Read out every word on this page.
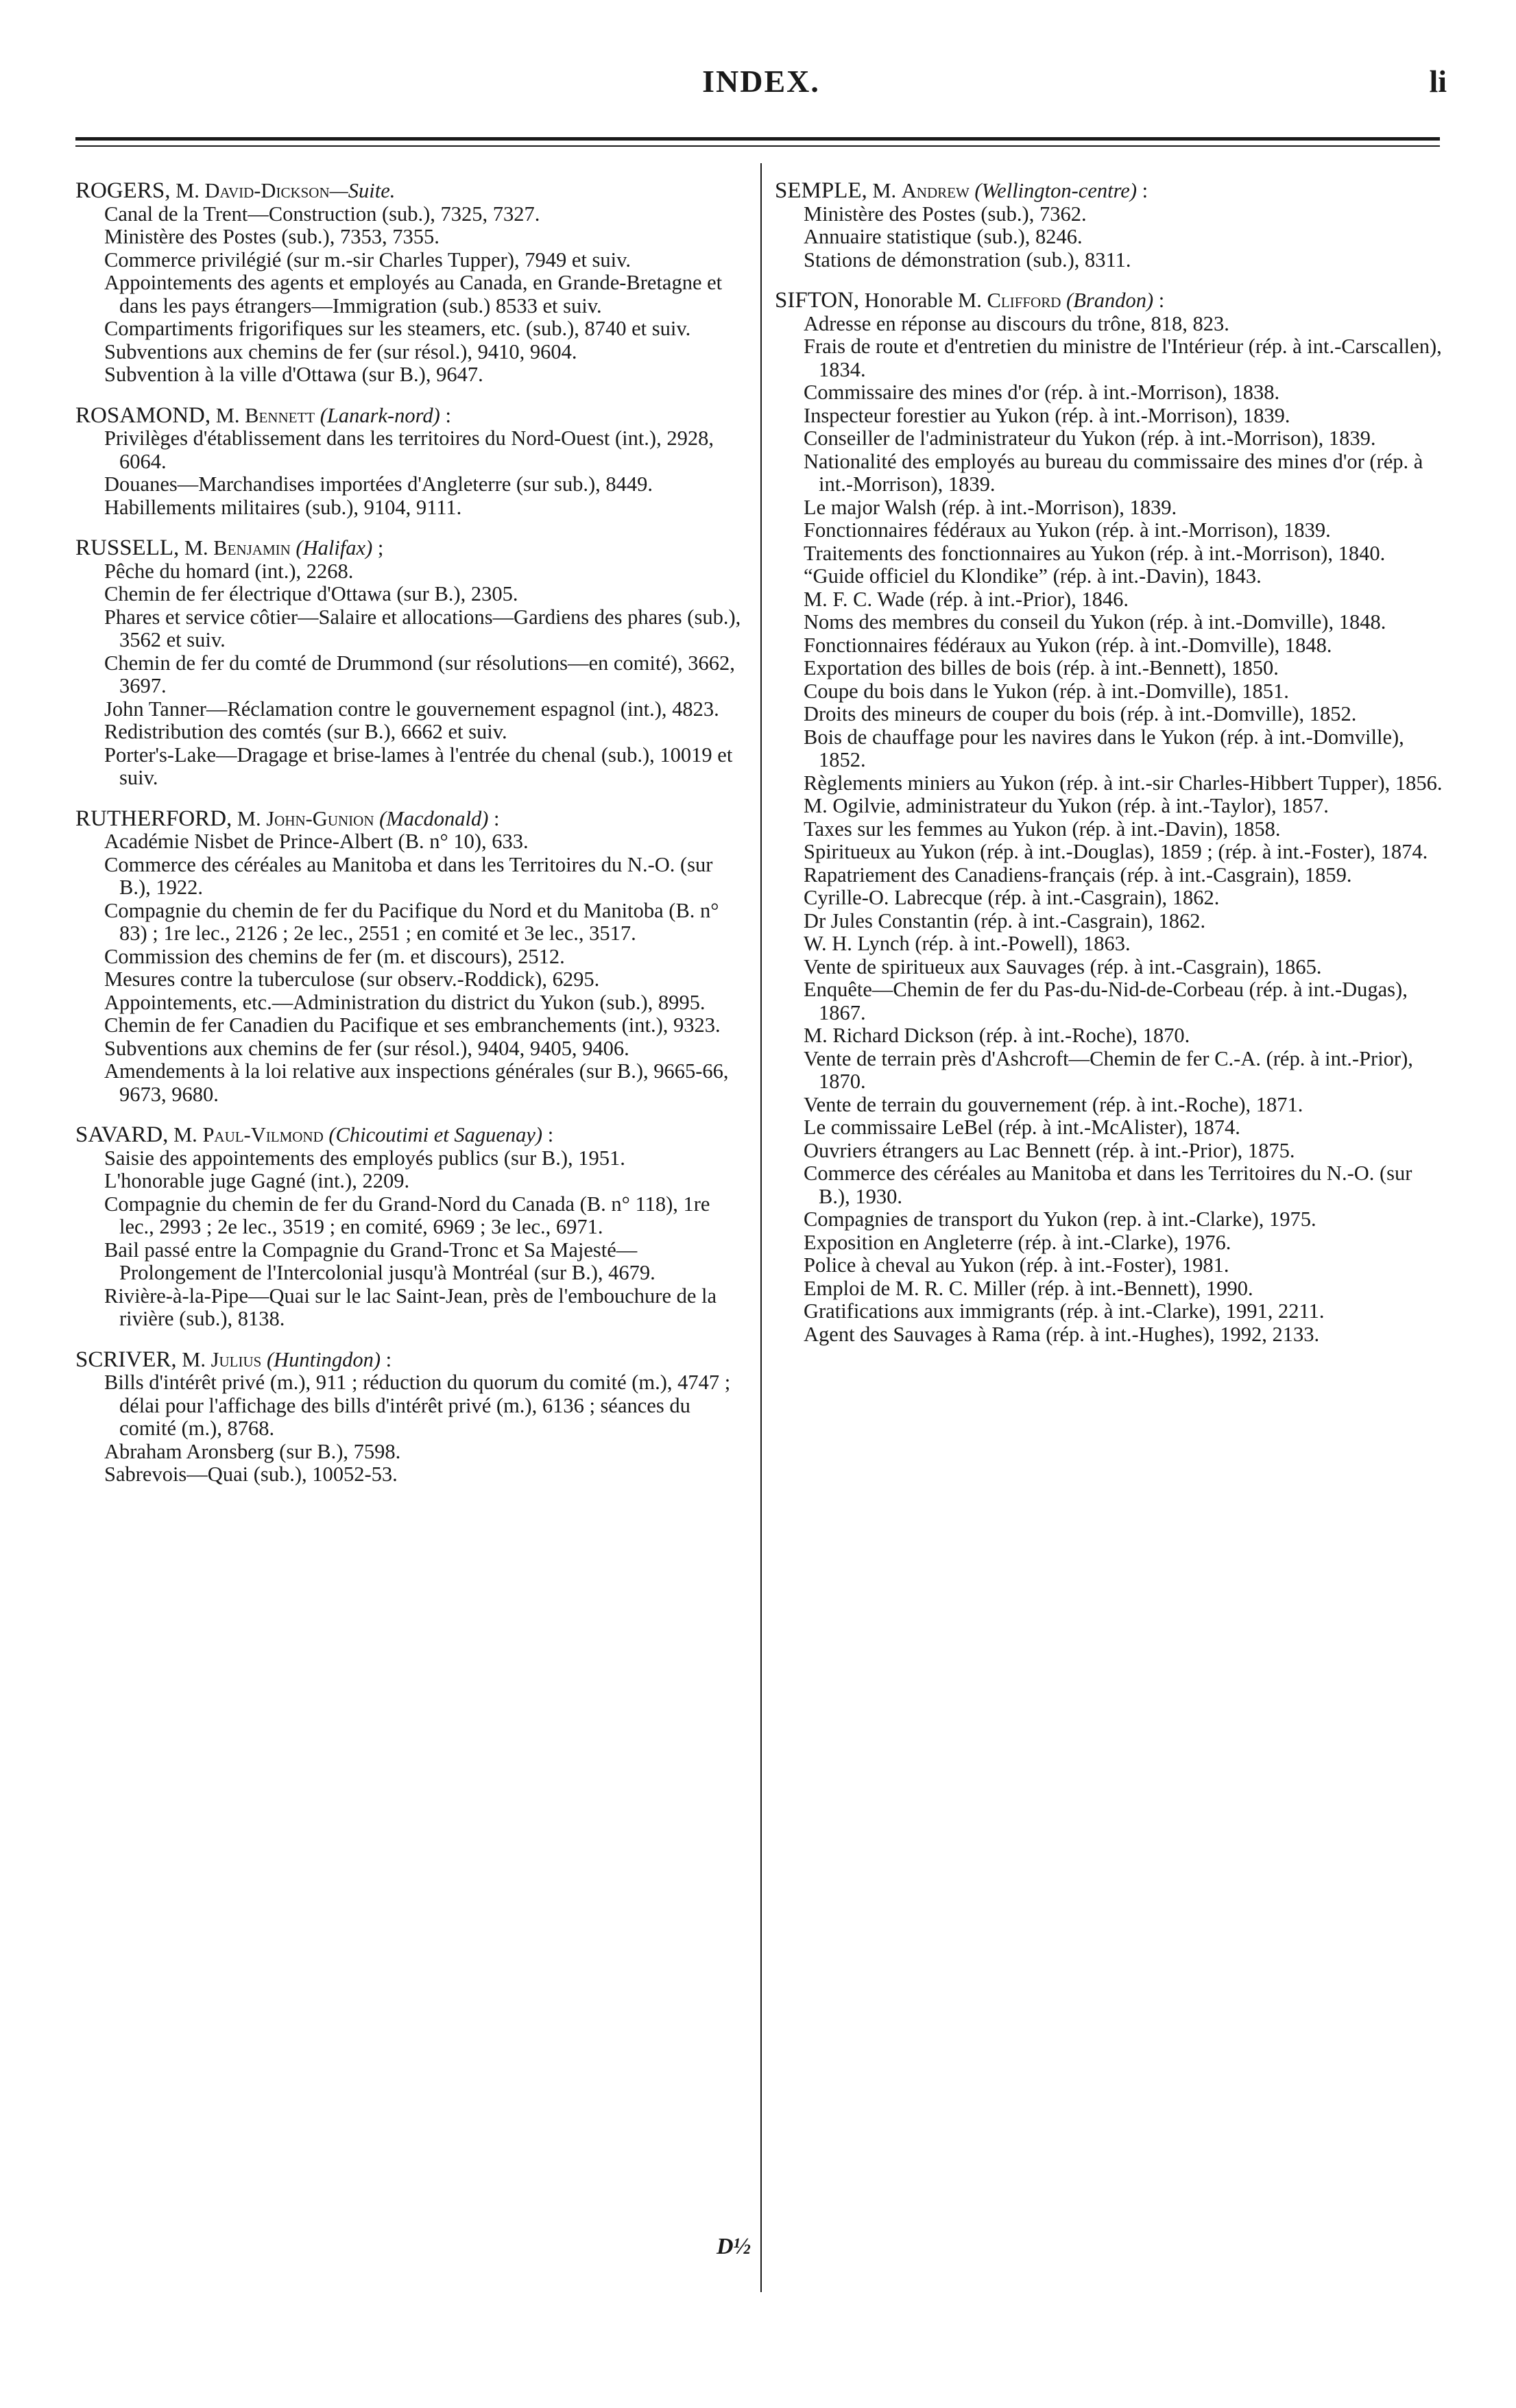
INDEX.	li
ROGERS, M. David-Dickson—Suite.
Canal de la Trent—Construction (sub.), 7325, 7327.
Ministère des Postes (sub.), 7353, 7355.
Commerce privilégié (sur m.-sir Charles Tupper), 7949 et suiv.
Appointements des agents et employés au Canada, en Grande-Bretagne et dans les pays étrangers—Immigration (sub.) 8533 et suiv.
Compartiments frigorifiques sur les steamers, etc. (sub.), 8740 et suiv.
Subventions aux chemins de fer (sur résol.), 9410, 9604.
Subvention à la ville d'Ottawa (sur B.), 9647.
ROSAMOND, M. Bennett (Lanark-nord) :
Privilèges d'établissement dans les territoires du Nord-Ouest (int.), 2928, 6064.
Douanes—Marchandises importées d'Angleterre (sur sub.), 8449.
Habillements militaires (sub.), 9104, 9111.
RUSSELL, M. Benjamin (Halifax) ;
Pêche du homard (int.), 2268.
Chemin de fer électrique d'Ottawa (sur B.), 2305.
Phares et service côtier—Salaire et allocations—Gardiens des phares (sub.), 3562 et suiv.
Chemin de fer du comté de Drummond (sur résolutions—en comité), 3662, 3697.
John Tanner—Réclamation contre le gouvernement espagnol (int.), 4823.
Redistribution des comtés (sur B.), 6662 et suiv.
Porter's-Lake—Dragage et brise-lames à l'entrée du chenal (sub.), 10019 et suiv.
RUTHERFORD, M. John-Gunion (Macdonald) :
Académie Nisbet de Prince-Albert (B. n° 10), 633.
Commerce des céréales au Manitoba et dans les Territoires du N.-O. (sur B.), 1922.
Compagnie du chemin de fer du Pacifique du Nord et du Manitoba (B. n° 83) ; 1re lec., 2126 ; 2e lec., 2551 ; en comité et 3e lec., 3517.
Commission des chemins de fer (m. et discours), 2512.
Mesures contre la tuberculose (sur observ.-Roddick), 6295.
Appointements, etc.—Administration du district du Yukon (sub.), 8995.
Chemin de fer Canadien du Pacifique et ses embranchements (int.), 9323.
Subventions aux chemins de fer (sur résol.), 9404, 9405, 9406.
Amendements à la loi relative aux inspections générales (sur B.), 9665-66, 9673, 9680.
SAVARD, M. Paul-Vilmond (Chicoutimi et Saguenay) :
Saisie des appointements des employés publics (sur B.), 1951.
L'honorable juge Gagné (int.), 2209.
Compagnie du chemin de fer du Grand-Nord du Canada (B. n° 118), 1re lec., 2993 ; 2e lec., 3519 ; en comité, 6969 ; 3e lec., 6971.
Bail passé entre la Compagnie du Grand-Tronc et Sa Majesté—Prolongement de l'Intercolonial jusqu'à Montréal (sur B.), 4679.
Rivière-à-la-Pipe—Quai sur le lac Saint-Jean, près de l'embouchure de la rivière (sub.), 8138.
SCRIVER, M. Julius (Huntingdon) :
Bills d'intérêt privé (m.), 911 ; réduction du quorum du comité (m.), 4747 ; délai pour l'affichage des bills d'intérêt privé (m.), 6136 ; séances du comité (m.), 8768.
Abraham Aronsberg (sur B.), 7598.
Sabrevois—Quai (sub.), 10052-53.
SEMPLE, M. Andrew (Wellington-centre) :
Ministère des Postes (sub.), 7362.
Annuaire statistique (sub.), 8246.
Stations de démonstration (sub.), 8311.
SIFTON, Honorable M. Clifford (Brandon) :
Adresse en réponse au discours du trône, 818, 823.
Frais de route et d'entretien du ministre de l'Intérieur (rép. à int.-Carscallen), 1834.
Commissaire des mines d'or (rép. à int.-Morrison), 1838.
Inspecteur forestier au Yukon (rép. à int.-Morrison), 1839.
Conseiller de l'administrateur du Yukon (rép. à int.-Morrison), 1839.
Nationalité des employés au bureau du commissaire des mines d'or (rép. à int.-Morrison), 1839.
Le major Walsh (rép. à int.-Morrison), 1839.
Fonctionnaires fédéraux au Yukon (rép. à int.-Morrison), 1839.
Traitements des fonctionnaires au Yukon (rép. à int.-Morrison), 1840.
“Guide officiel du Klondike” (rép. à int.-Davin), 1843.
M. F. C. Wade (rép. à int.-Prior), 1846.
Noms des membres du conseil du Yukon (rép. à int.-Domville), 1848.
Fonctionnaires fédéraux au Yukon (rép. à int.-Domville), 1848.
Exportation des billes de bois (rép. à int.-Bennett), 1850.
Coupe du bois dans le Yukon (rép. à int.-Domville), 1851.
Droits des mineurs de couper du bois (rép. à int.-Domville), 1852.
Bois de chauffage pour les navires dans le Yukon (rép. à int.-Domville), 1852.
Règlements miniers au Yukon (rép. à int.-sir Charles-Hibbert Tupper), 1856.
M. Ogilvie, administrateur du Yukon (rép. à int.-Taylor), 1857.
Taxes sur les femmes au Yukon (rép. à int.-Davin), 1858.
Spiritueux au Yukon (rép. à int.-Douglas), 1859 ; (rép. à int.-Foster), 1874.
Rapatriement des Canadiens-français (rép. à int.-Casgrain), 1859.
Cyrille-O. Labrecque (rép. à int.-Casgrain), 1862.
Dr Jules Constantin (rép. à int.-Casgrain), 1862.
W. H. Lynch (rép. à int.-Powell), 1863.
Vente de spiritueux aux Sauvages (rép. à int.-Casgrain), 1865.
Enquête—Chemin de fer du Pas-du-Nid-de-Corbeau (rép. à int.-Dugas), 1867.
M. Richard Dickson (rép. à int.-Roche), 1870.
Vente de terrain près d'Ashcroft—Chemin de fer C.-A. (rép. à int.-Prior), 1870.
Vente de terrain du gouvernement (rép. à int.-Roche), 1871.
Le commissaire LeBel (rép. à int.-McAlister), 1874.
Ouvriers étrangers au Lac Bennett (rép. à int.-Prior), 1875.
Commerce des céréales au Manitoba et dans les Territoires du N.-O. (sur B.), 1930.
Compagnies de transport du Yukon (rep. à int.-Clarke), 1975.
Exposition en Angleterre (rép. à int.-Clarke), 1976.
Police à cheval au Yukon (rép. à int.-Foster), 1981.
Emploi de M. R. C. Miller (rép. à int.-Bennett), 1990.
Gratifications aux immigrants (rép. à int.-Clarke), 1991, 2211.
Agent des Sauvages à Rama (rép. à int.-Hughes), 1992, 2133.
D½
